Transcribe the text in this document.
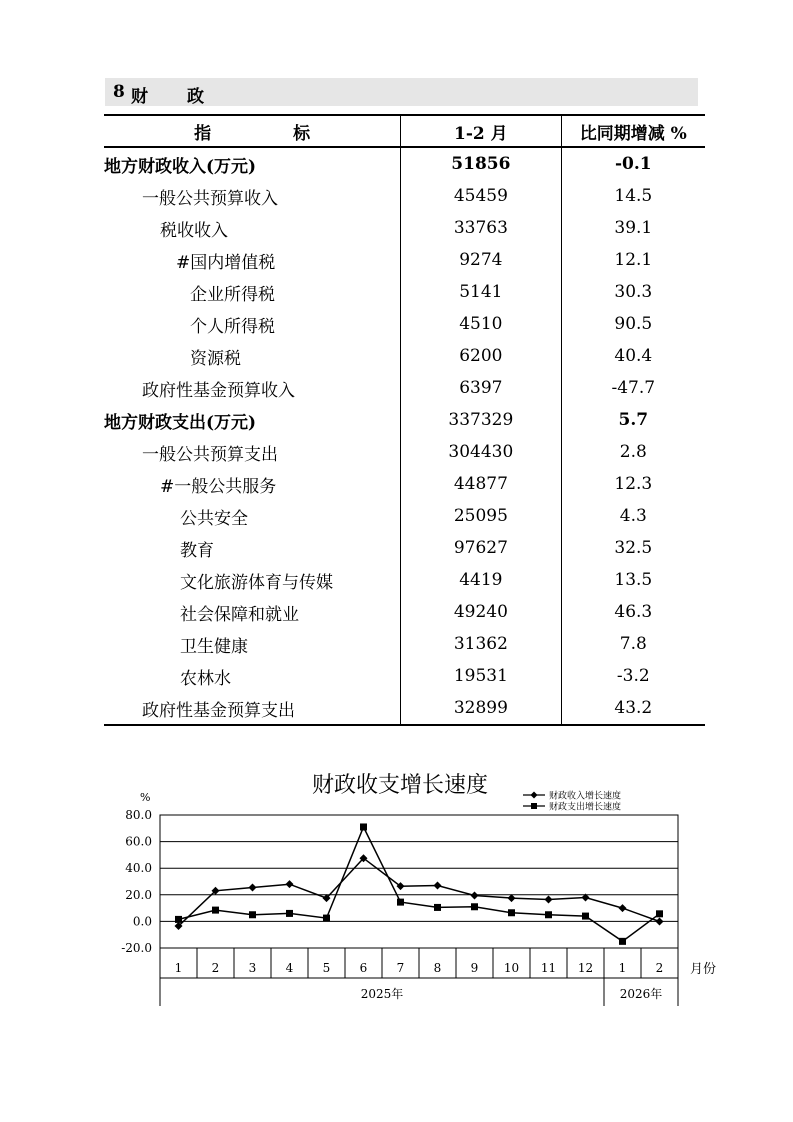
8 财 政
指 标	1-2 月	比同期增减 %
地方财政收入(万元)	51856	-0.1
一般公共预算收入	45459	14.5
税收收入	33763	39.1
#国内增值税	9274	12.1
企业所得税	5141	30.3
个人所得税	4510	90.5
资源税	6200	40.4
政府性基金预算收入	6397	-47.7
地方财政支出(万元)	337329	5.7
一般公共预算支出	304430	2.8
#一般公共服务	44877	12.3
公共安全	25095	4.3
教育	97627	32.5
文化旅游体育与传媒	4419	13.5
社会保障和就业	49240	46.3
卫生健康	31362	7.8
农林水	19531	-3.2
政府性基金预算支出	32899	43.2
财政收支增长速度
%	财政收入增长速度
财政支出增长速度
80.0
60.0
40.0
20.0
0.0
-20.0
1 2 3 4 5 6 7 8 9 10 11 12 1 2
2025年	2026年
月份
